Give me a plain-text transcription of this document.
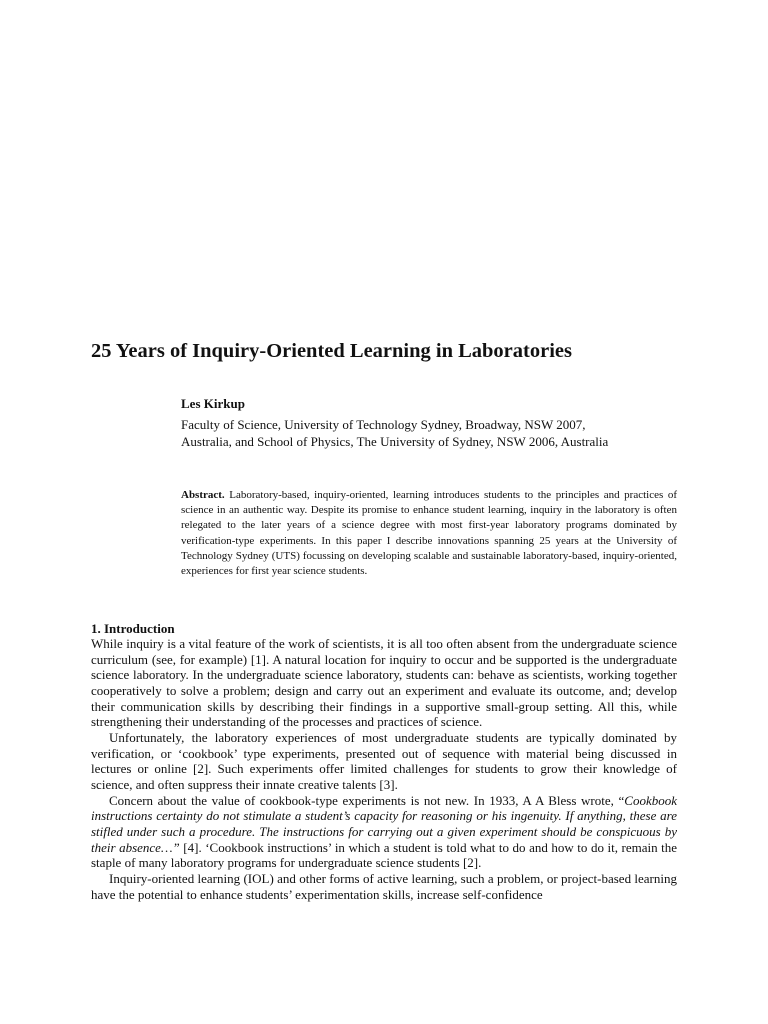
25 Years of Inquiry-Oriented Learning in Laboratories
Les Kirkup
Faculty of Science, University of Technology Sydney, Broadway, NSW 2007,
Australia, and School of Physics, The University of Sydney, NSW 2006, Australia
Abstract. Laboratory-based, inquiry-oriented, learning introduces students to the principles and practices of science in an authentic way. Despite its promise to enhance student learning, inquiry in the laboratory is often relegated to the later years of a science degree with most first-year laboratory programs dominated by verification-type experiments. In this paper I describe innovations spanning 25 years at the University of Technology Sydney (UTS) focussing on developing scalable and sustainable laboratory-based, inquiry-oriented, experiences for first year science students.
1. Introduction

While inquiry is a vital feature of the work of scientists, it is all too often absent from the undergraduate science curriculum (see, for example) [1]. A natural location for inquiry to occur and be supported is the undergraduate science laboratory. In the undergraduate science laboratory, students can: behave as scientists, working together cooperatively to solve a problem; design and carry out an experiment and evaluate its outcome, and; develop their communication skills by describing their findings in a supportive small-group setting. All this, while strengthening their understanding of the processes and practices of science.

Unfortunately, the laboratory experiences of most undergraduate students are typically dominated by verification, or ‘cookbook’ type experiments, presented out of sequence with material being discussed in lectures or online [2]. Such experiments offer limited challenges for students to grow their knowledge of science, and often suppress their innate creative talents [3].

Concern about the value of cookbook-type experiments is not new. In 1933, A A Bless wrote, “Cookbook instructions certainty do not stimulate a student’s capacity for reasoning or his ingenuity. If anything, these are stifled under such a procedure. The instructions for carrying out a given experiment should be conspicuous by their absence…” [4]. ‘Cookbook instructions’ in which a student is told what to do and how to do it, remain the staple of many laboratory programs for undergraduate science students [2].

Inquiry-oriented learning (IOL) and other forms of active learning, such a problem, or project-based learning have the potential to enhance students’ experimentation skills, increase self-confidence
